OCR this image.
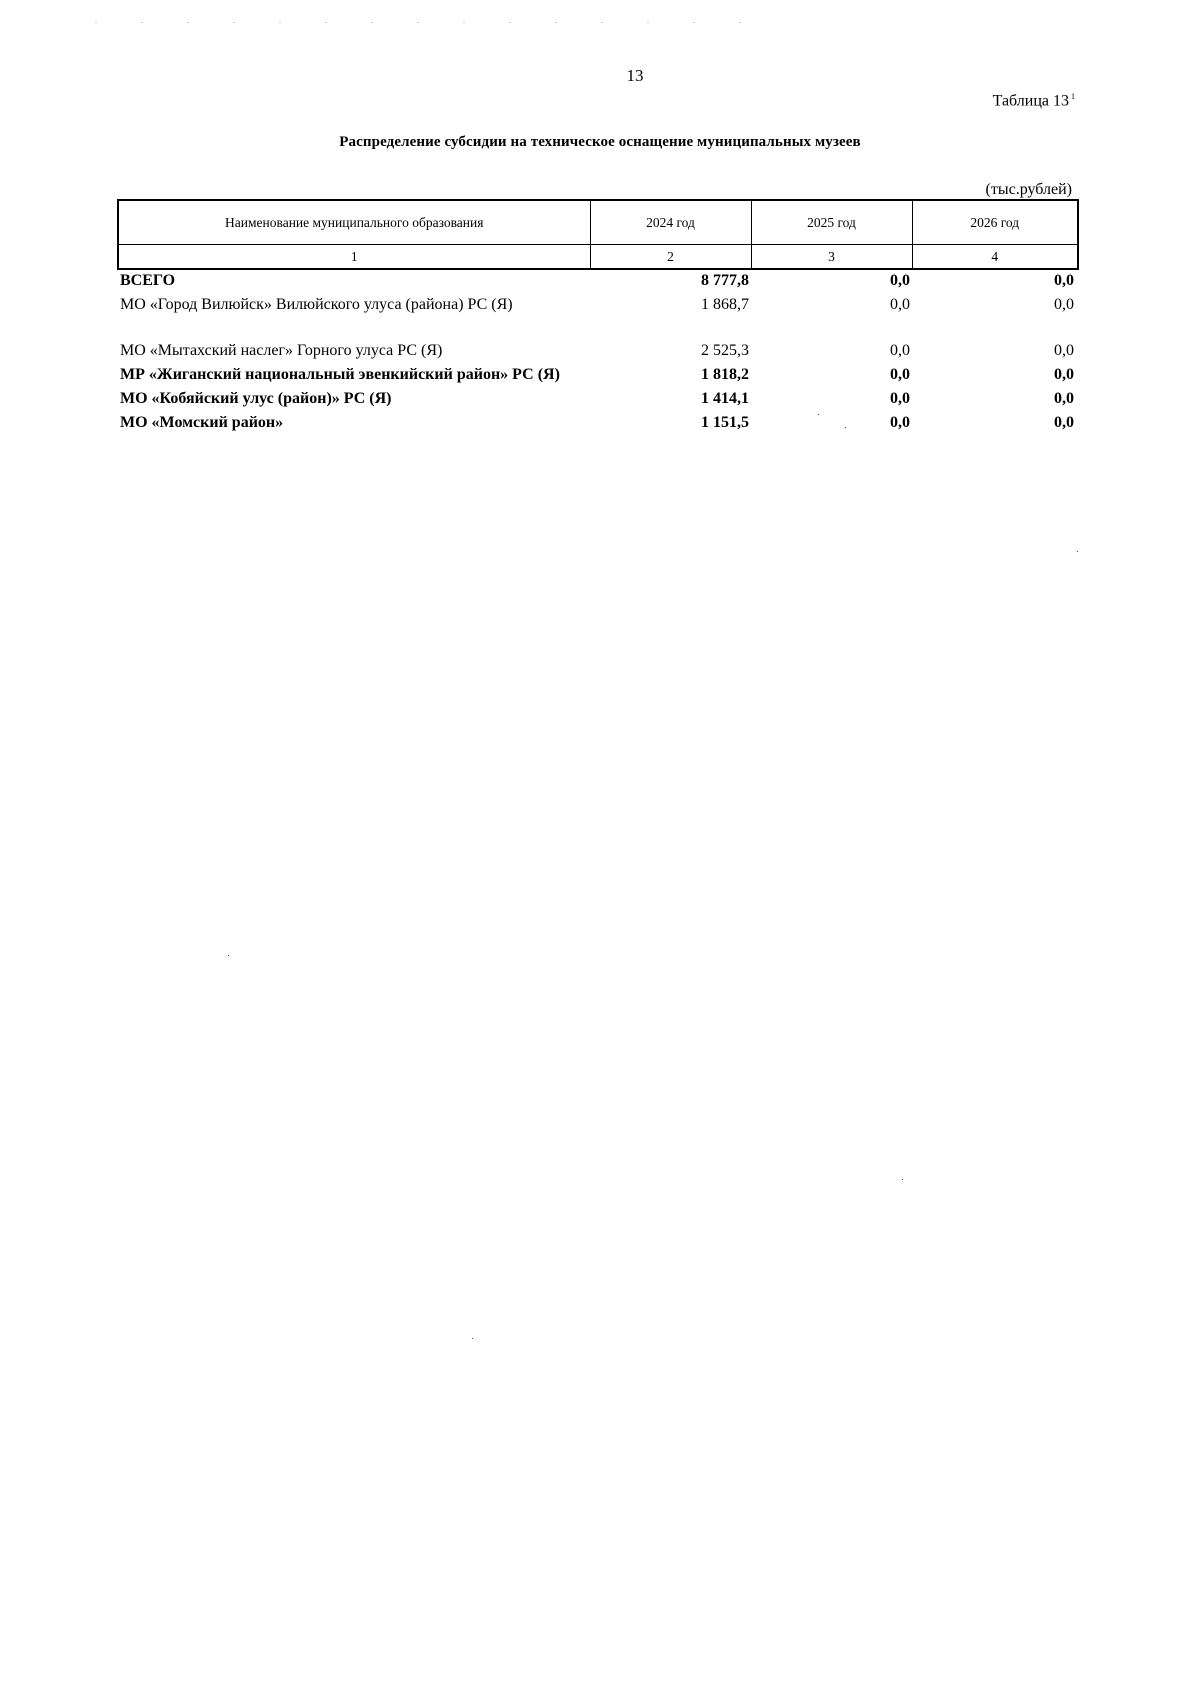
13
Таблица 13 $^1$
Распределение субсидии на техническое оснащение муниципальных музеев
(тыс.рублей)
Наименование муниципального образования	2024 год	2025 год	2026 год
1	2	3	4
ВСЕГО	8 777,8	0,0	0,0
МО «Город Вилюйск» Вилюйского улуса (района) РС (Я)	1 868,7	0,0	0,0
МО «Мытахский наслег» Горного улуса РС (Я)	2 525,3	0,0	0,0
МР «Жиганский национальный эвенкийский район» РС (Я)	1 818,2	0,0	0,0
МО «Кобяйский улус (район)» РС (Я)	1 414,1	0,0	0,0
МО «Момский район»	1 151,5	0,0	0,0
